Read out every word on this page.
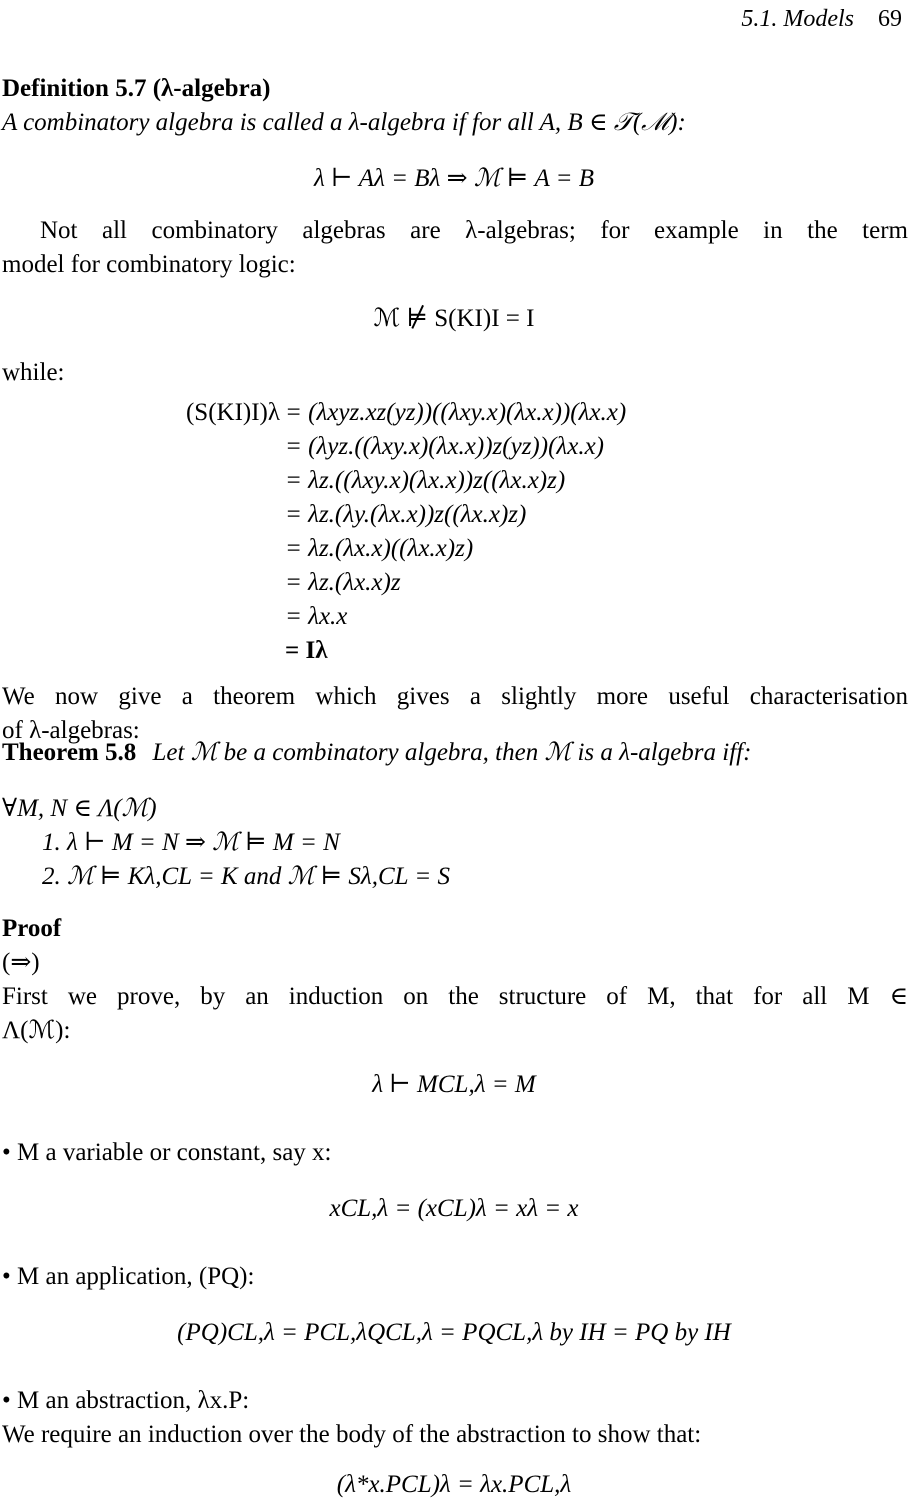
5.1. Models 69
Definition 5.7 (λ-algebra)
A combinatory algebra is called a λ-algebra if for all A, B ∈ 𝒯(ℳ):
λ ⊢ Aλ = Bλ ⇒ ℳ ⊨ A = B
Not all combinatory algebras are λ-algebras; for example in the term
model for combinatory logic:
ℳ ⊭ S(KI)I = I
while:
(S(KI)I)λ = (λxyz.xz(yz))((λxy.x)(λx.x))(λx.x)
= (λyz.((λxy.x)(λx.x))z(yz))(λx.x)
= λz.((λxy.x)(λx.x))z((λx.x)z)
= λz.(λy.(λx.x))z((λx.x)z)
= λz.(λx.x)((λx.x)z)
= λz.(λx.x)z
= λx.x
= Iλ
We now give a theorem which gives a slightly more useful characterisation
of λ-algebras:
Theorem 5.8 Let ℳ be a combinatory algebra, then ℳ is a λ-algebra iff:
∀M, N ∈ Λ(ℳ)
1. λ ⊢ M = N ⇒ ℳ ⊨ M = N
2. ℳ ⊨ Kλ,CL = K and ℳ ⊨ Sλ,CL = S
Proof
(⇒)
First we prove, by an induction on the structure of M, that for all M ∈
Λ(ℳ):
λ ⊢ MCL,λ = M
• M a variable or constant, say x:
xCL,λ = (xCL)λ = xλ = x
• M an application, (PQ):
(PQ)CL,λ = PCL,λQCL,λ = PQCL,λ by IH = PQ by IH
• M an abstraction, λx.P:
We require an induction over the body of the abstraction to show that:
(λ*x.PCL)λ = λx.PCL,λ
